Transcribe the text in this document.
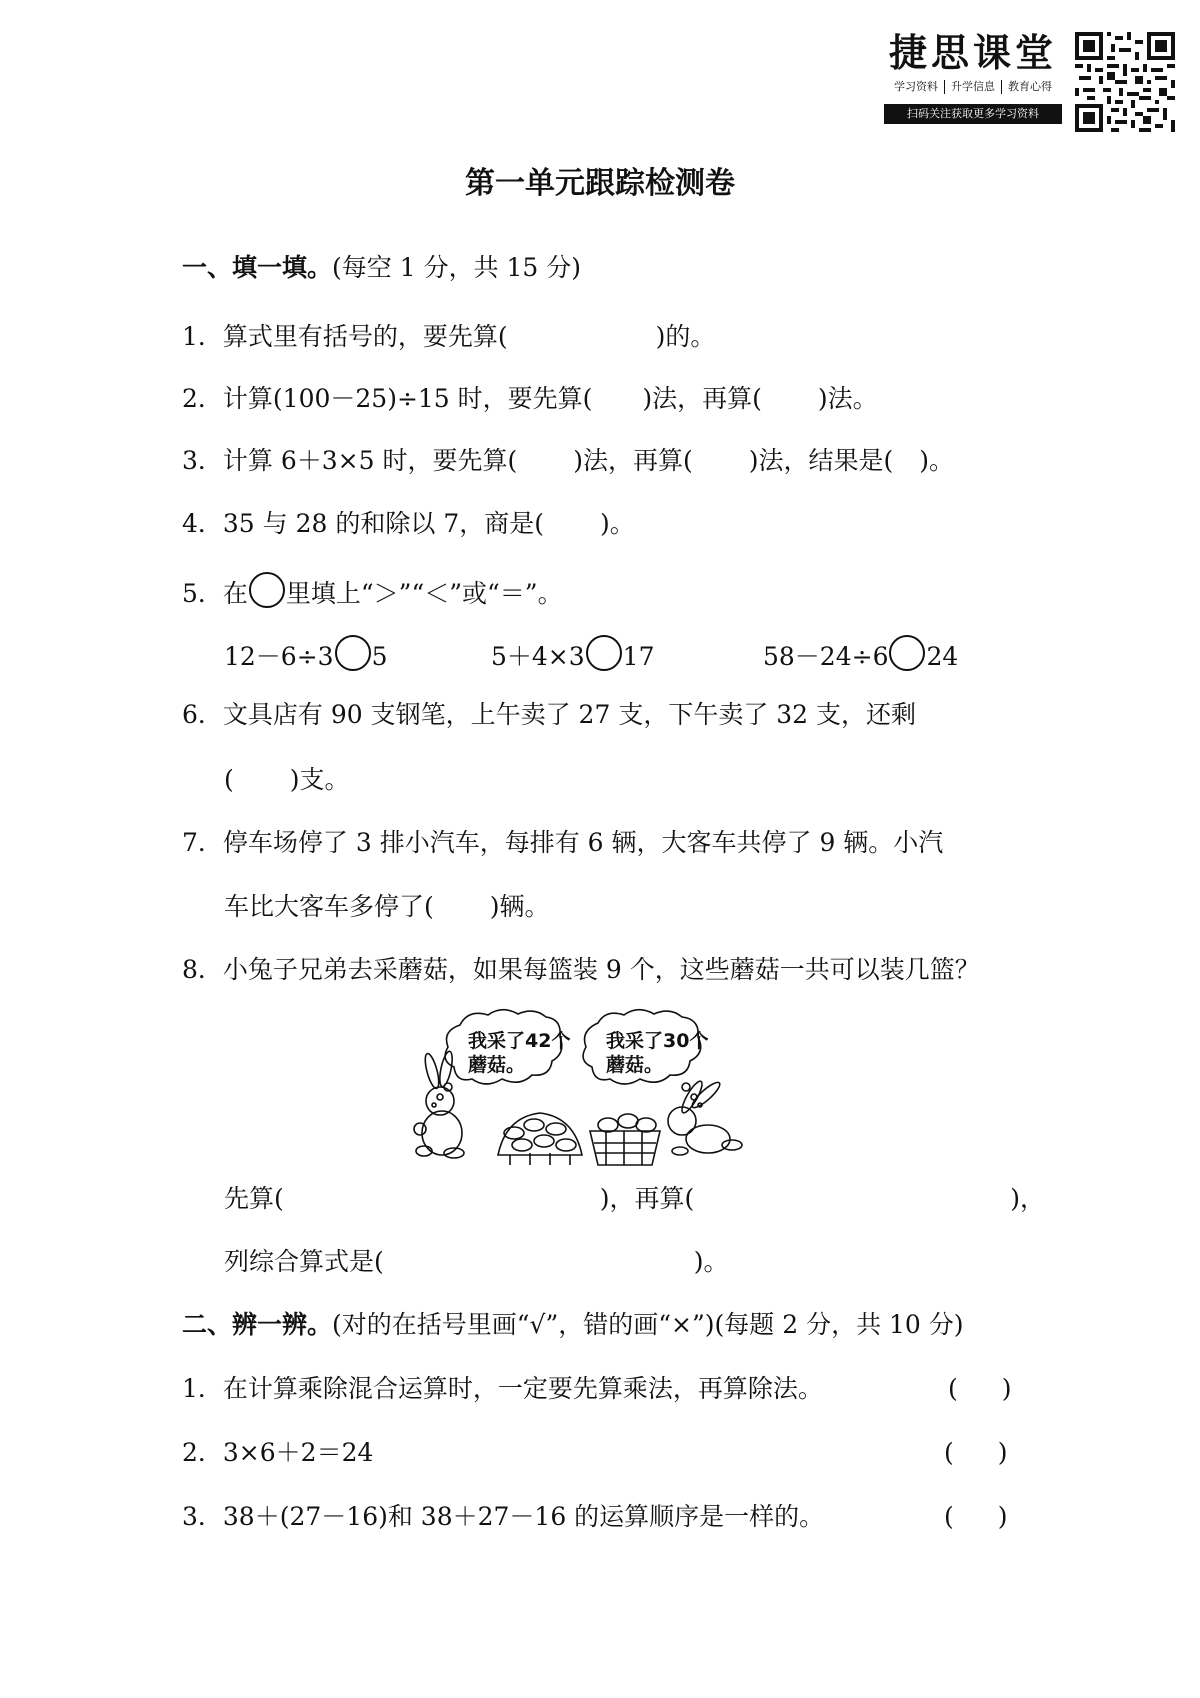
捷思课堂
学习资料	升学信息	教育心得
扫码关注获取更多学习资料
第一单元跟踪检测卷
一、填一填。(每空 1 分，共 15 分)
1．算式里有括号的，要先算(	)的。
2．计算(100－25)÷15 时，要先算( )法，再算( )法。
3．计算 6＋3×5 时，要先算( )法，再算( )法，结果是( )。
4．35 与 28 的和除以 7，商是( )。
5．在 里填上“＞”“＜”或“＝”。
12－6÷3 5	5＋4×3 17	58－24÷6 24
6．文具店有 90 支钢笔，上午卖了 27 支，下午卖了 32 支，还剩
( )支。
7．停车场停了 3 排小汽车，每排有 6 辆，大客车共停了 9 辆。小汽
车比大客车多停了( )辆。
8．小兔子兄弟去采蘑菇，如果每篮装 9 个，这些蘑菇一共可以装几篮？
我采了42个
蘑菇。
我采了30个
蘑菇。
先算(	)，再算(	)，
列综合算式是(	)。
二、辨一辨。(对的在括号里画“√”，错的画“×”)(每题 2 分，共 10 分)
1．在计算乘除混合运算时，一定要先算乘法，再算除法。	( )
2．3×6＋2＝24	( )
3．38＋(27－16)和 38＋27－16 的运算顺序是一样的。	( )
